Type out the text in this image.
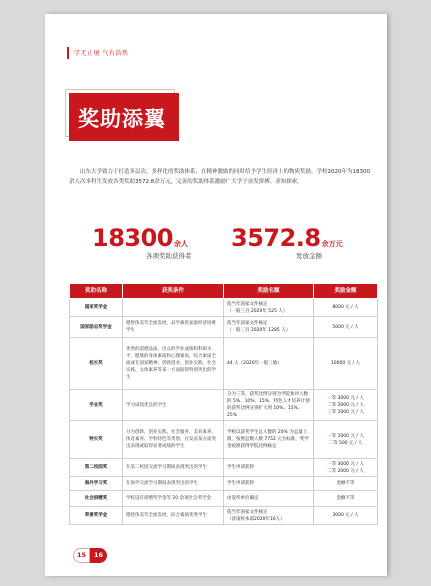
学无止境 气有浩然
奖助添翼
山东大学致力于打造多层次、多样化的奖助体系，在精神激励的同时给予学生经济上的物质奖励。学校2020年为18300余人次本科生发放各类奖助3572.8余万元，完善的奖助体系激励广大学子奋发拼搏、求知探索。
18300余人
各项奖助获得者
3572.8余万元
发放金额
奖助名称	获奖条件	奖励名额	奖励金额
国家奖学金		依当年国家文件核定
（一般三百 2020年 525 人）	8000 元 / 人
国家励志奖学金	德智体美劳全面发展，品学兼优家庭经济困难学生	依当年国家文件核定
（一般三百 2020年 1285 人）	5000 元 / 人
校长奖	优秀的道德品质，出众的学业成绩和科研水平，健康的身体素质和心理素质，综合素质全面或在国家精神、创新创业、创业实践、社会实践、文体素养等某一方面取得特别突出的学生	44 人（2020年一般三地）	10000 元 / 人
学业奖	学习成绩优良的学生	分为三等，获奖比例分别为学院参评人数的 5%、10%、15%，特色人才培养计划的获奖比例分别扩大到 10%、15%、25%	一等 3000 元 / 人
二等 2000 元 / 人
三等 1000 元 / 人
特长奖	分为创新、创业实践、社会服务、美育素养、体育素养、学科特色等类别，在发表某方面突出表现或取得显著成绩的学生	学校以获奖学生总人数的 20% 为总量上限，按照总数人数 7752 元为标准，奖学金按照获得学院比例核定	一等 1000 元 / 人
二等 500 元 / 人
第二校园奖	在第二校园交流学习期间表现突出的学生	学生申请获得	一等 3000 元 / 人
二等 2000 元 / 人
海外学习奖	在海外交流学习期间表现突出的学生	学生申请获得	金额不等
社会捐赠奖	学校设有捐赠奖学金等 20 余项社会奖学金	由设奖单位确定	金额不等
荣誉奖学金	德智体美劳全面发展，综合素质优秀学生	依当年国家文件核定
（济南校本部2020年16人）	3000 元 / 人
15	16
